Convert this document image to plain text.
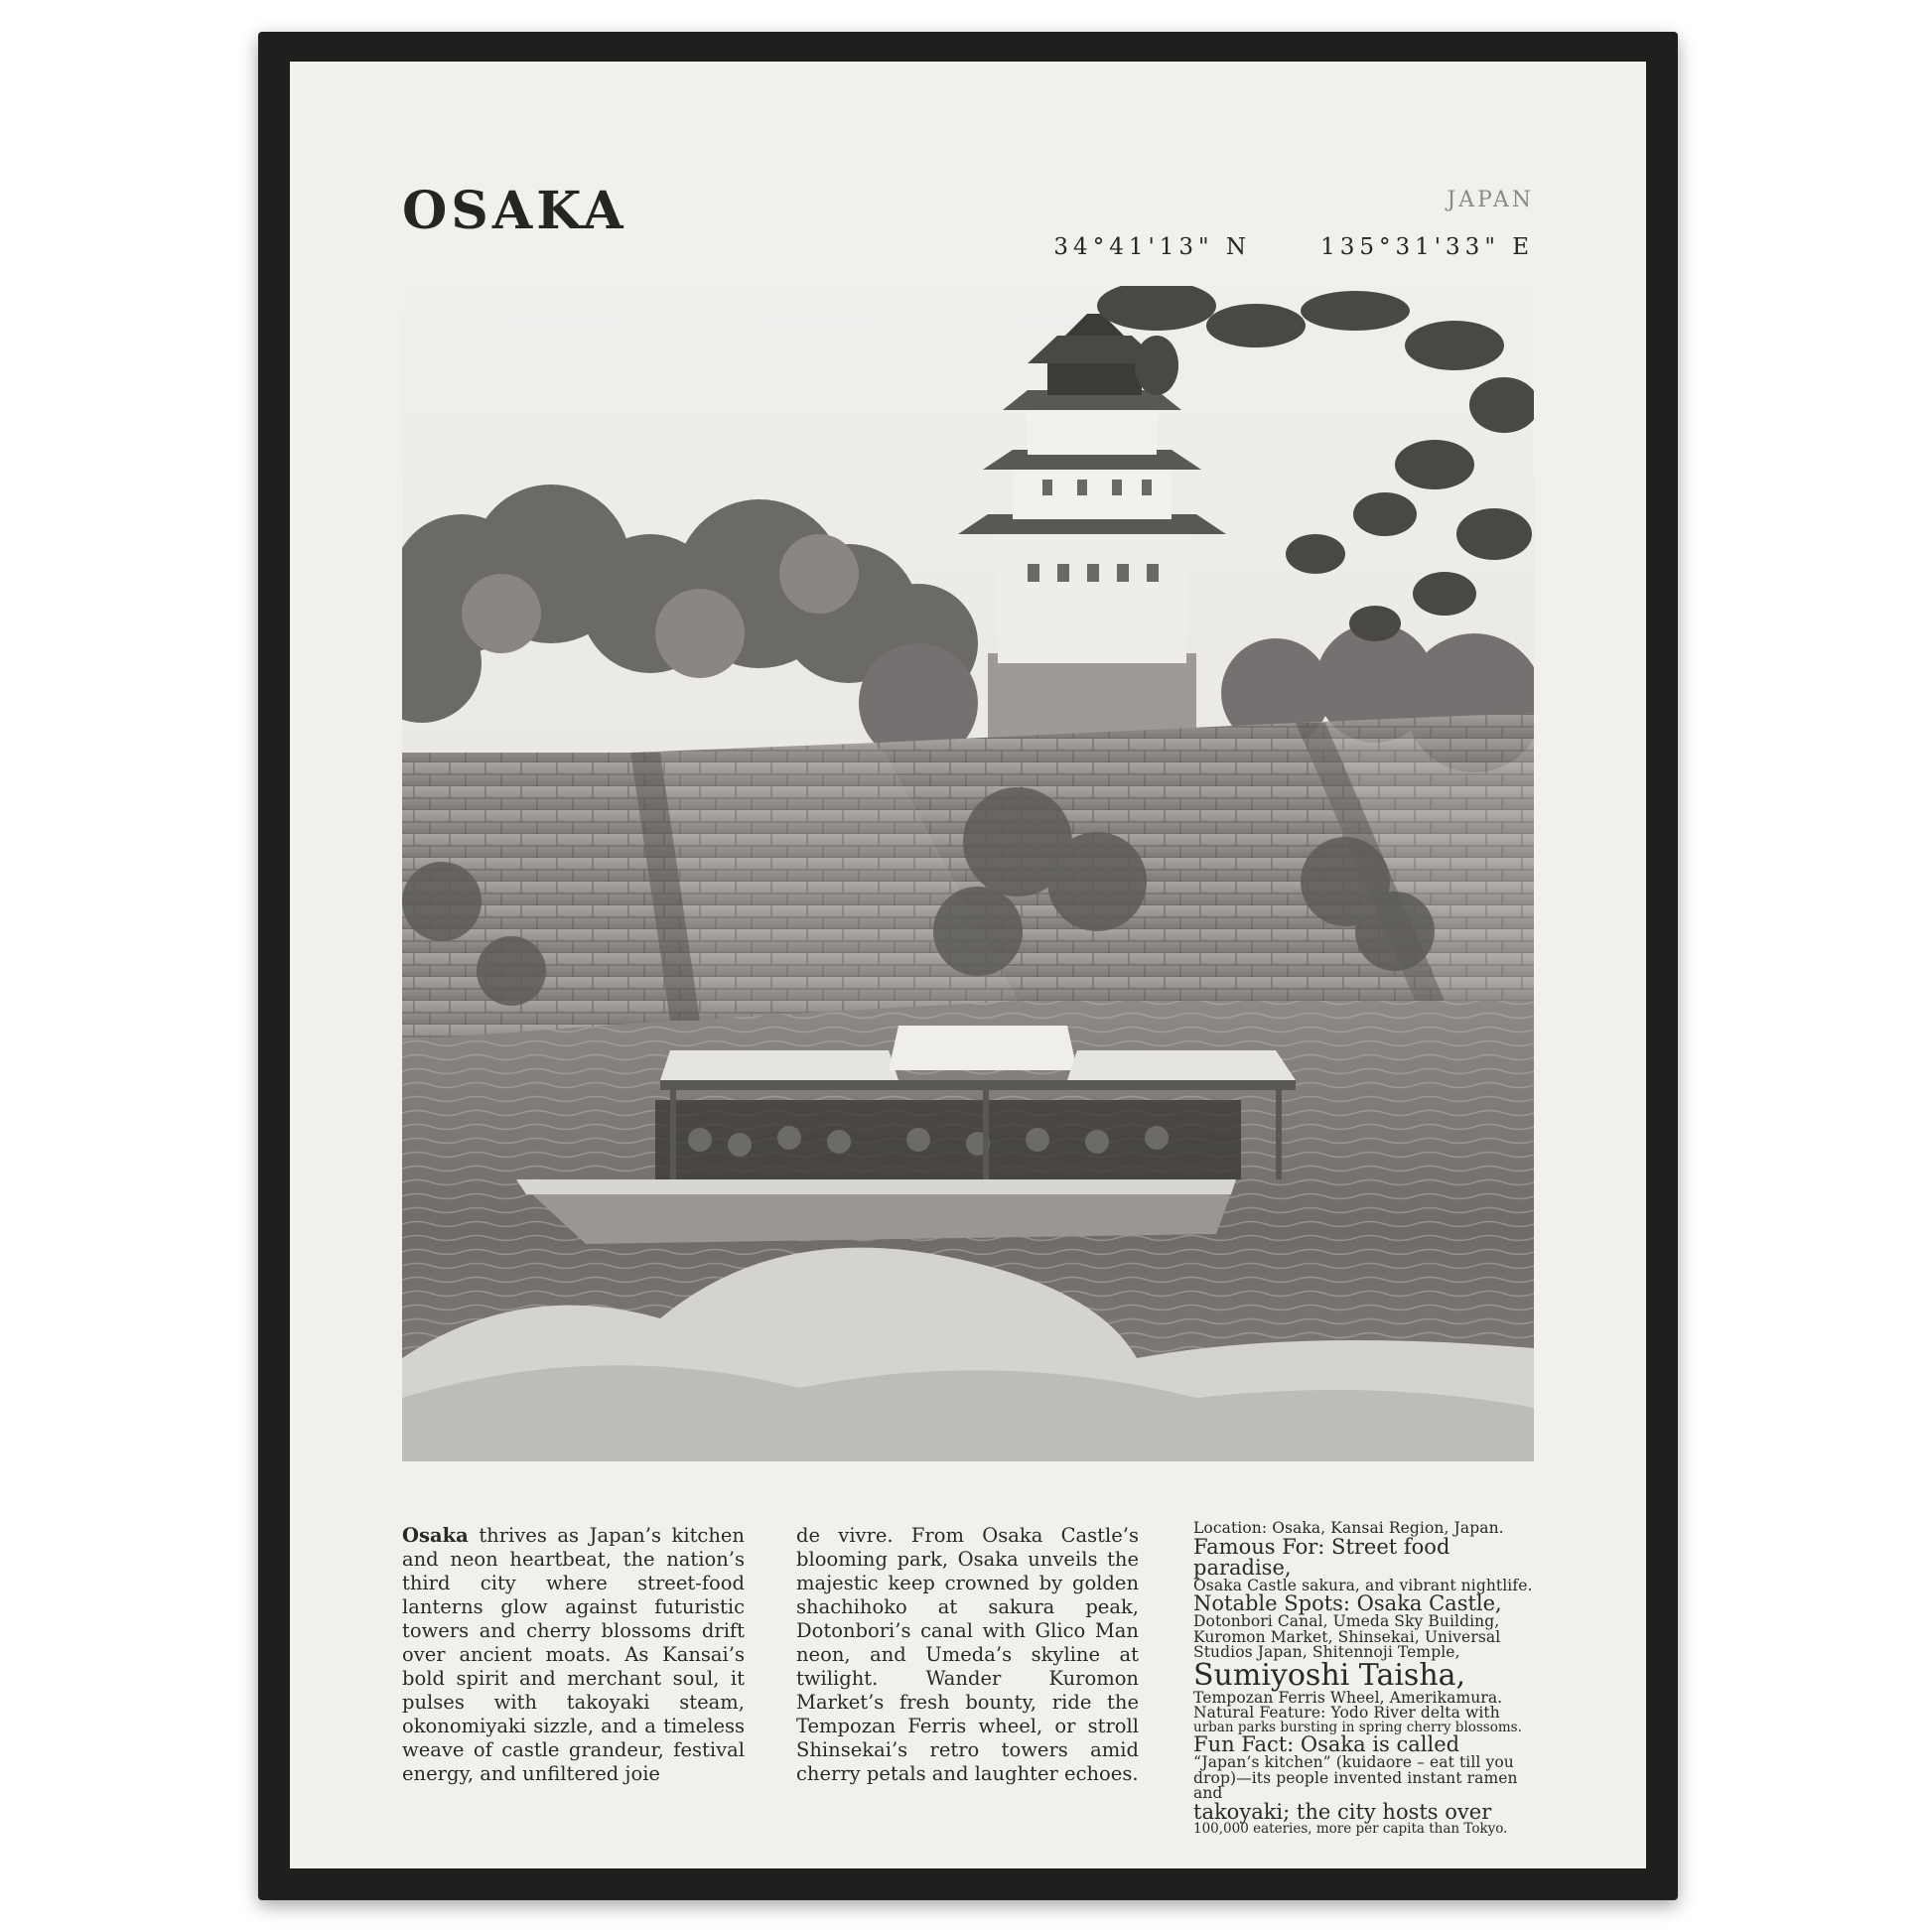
OSAKA	JAPAN
34°41'13" N	135°31'33" E
Osaka thrives as Japan’s kitchen and neon heartbeat, the nation’s third city where street-food lanterns glow against futuristic towers and cherry blossoms drift over ancient moats. As Kansai’s bold spirit and merchant soul, it pulses with takoyaki steam, okonomiyaki sizzle, and a timeless weave of castle grandeur, festival energy, and unfiltered joie
de vivre. From Osaka Castle’s blooming park, Osaka unveils the majestic keep crowned by golden shachihoko at sakura peak, Dotonbori’s canal with Glico Man neon, and Umeda’s skyline at twilight. Wander Kuromon Market’s fresh bounty, ride the Tempozan Ferris wheel, or stroll Shinsekai’s retro towers amid cherry petals and laughter echoes.

Location: Osaka, Kansai Region, Japan.

Famous For: Street food paradise,

Osaka Castle sakura, and vibrant nightlife.

Notable Spots: Osaka Castle,

Dotonbori Canal, Umeda Sky Building,

Kuromon Market, Shinsekai, Universal

Studios Japan, Shitennoji Temple,

Sumiyoshi Taisha,

Tempozan Ferris Wheel, Amerikamura.

Natural Feature: Yodo River delta with

urban parks bursting in spring cherry blossoms.

Fun Fact: Osaka is called

“Japan’s kitchen” (kuidaore – eat till you

drop)—its people invented instant ramen and

takoyaki; the city hosts over

100,000 eateries, more per capita than Tokyo.
